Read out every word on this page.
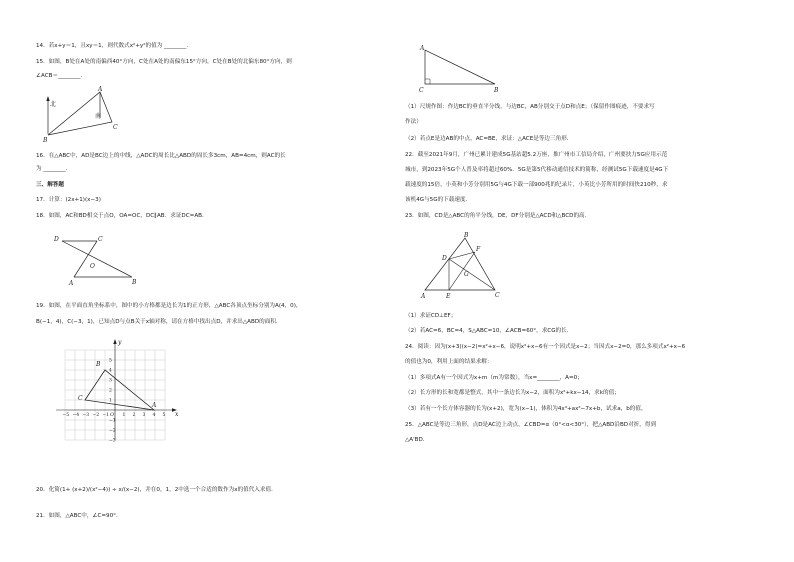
14．若x+y＝1，且xy＝1，则代数式x²+y²的值为 ________．
15．如图，B处在A处的南偏西40°方向，C处在A处的南偏东15°方向，C处在B处的北偏东80°方向，则
∠ACB＝________.
北
南
A
B
C
16．在△ABC中，AD是BC边上的中线，△ADC的周长比△ABD的周长多3cm，AB=4cm，则AC的长
为 ________.
三、解答题
17．计算：(2x+1)(x−3)
18．如图，AC和BD相交于点O，OA=OC，DC∥AB．求证DC=AB．
D	C
O
A	B
19．如图，在平面直角坐标系中，图中的小方格都是边长为1的正方形，△ABC各顶点坐标分别为A(4，0)，
B(−1，4)，C(−3，1)，已知点D与点B关于x轴对称，请在方格中找出点D，并求出△ABD的面积．
−5 −4 −3 −2 −1	1 2 3 4 5
5
4
3
2
1
−1
−2
−3
B
C
A
O	x
y
20．化简(1+ (x+2)/(x²−4)) ÷ x/(x−2)，并在0，1，2中选一个合适的数作为x的值代入求值．
21．如图，△ABC中，∠C=90°．
A
C	B
（1）尺规作图：作边BC的垂直平分线，与边BC，AB分别交于点D和点E；（保留作图痕迹，不要求写
作法）
（2）若点E是边AB的中点，AC=BE，求证：△ACE是等边三角形．
22．截至2021年9月，广州已累计建成5G基站超5.2万座，推广州市工信局介绍，广州要扶力5G应用示范
城市，到2023年5G个人普及率将超过60%．5G是第5代移动通信技术的简称，经测试5G下载速度是4G下
载速度的15倍，小英和小芳分别用5G与4G下载一部900兆的纪录片，小英比小芳所用的时间快210秒，求
该机4G与5G的下载速度．
23．如图，CD是△ABC的角平分线，DE，DF分别是△ACD和△BCD的高．
A
B
C
D
E
F
G
（1）求证CD⊥EF；
（2）若AC=6，BC=4，S△ABC=10，∠ACB=60°，求CG的长．
24．阅读：因为(x+3)(x−2)=x²+x−6，说明x²+x−6有一个因式是x−2；当因式x−2=0，那么多项式x²+x−6
的值也为0，利用上面的结果求解：
（1）多项式A有一个因式为x+m（m为常数），当x=________，A=0；
（2）长方形的长和宽都是整式，其中一条边长为x−2，面积为x²+kx−14，求k的值；
（3）若有一个长方体容器的长为(x+2)，宽为(x−1)，体积为4x³+ax²−7x+b，试求a，b的值，
25．△ABC是等边三角形，点D是AC边上动点，∠CBD=α（0°<α<30°），把△ABD沿BD对折，得到
△A'BD．
